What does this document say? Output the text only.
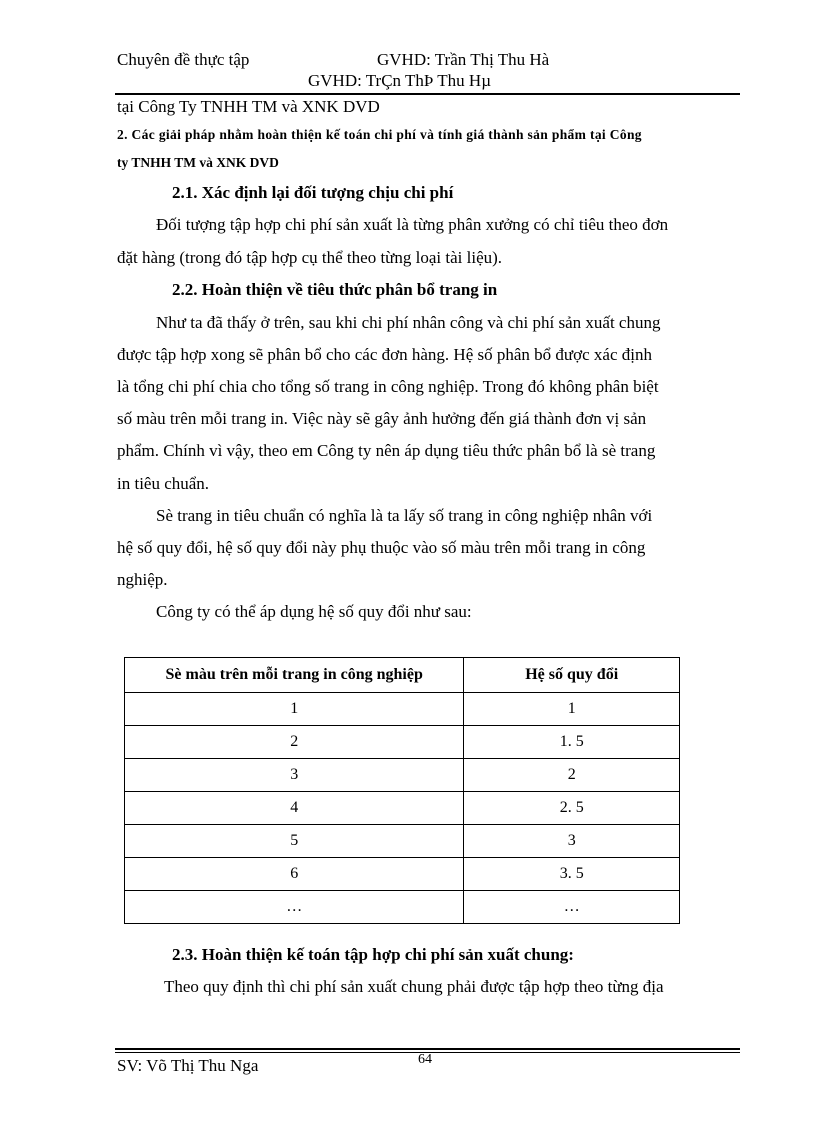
Chuyên đề thực tập	GVHD: Trần Thị Thu Hà
GVHD: TrÇn ThÞ Thu Hµ
tại Công Ty TNHH TM và XNK DVD
2. Các giải pháp nhằm hoàn thiện kế toán chi phí và tính giá thành sản phẩm tại Công
ty TNHH TM và XNK DVD
2.1. Xác định lại đối tượng chịu chi phí
Đối tượng tập hợp chi phí sản xuất là từng phân xưởng có chỉ tiêu theo đơn
đặt hàng (trong đó tập hợp cụ thể theo từng loại tài liệu).
2.2. Hoàn thiện về tiêu thức phân bổ trang in
Như ta đã thấy ở trên, sau khi chi phí nhân công và chi phí sản xuất chung
được tập hợp xong sẽ phân bổ cho các đơn hàng. Hệ số phân bổ được xác định
là tổng chi phí chia cho tổng số trang in công nghiệp. Trong đó không phân biệt
số màu trên mỗi trang in. Việc này sẽ gây ảnh hưởng đến giá thành đơn vị sản
phẩm. Chính vì vậy, theo em Công ty nên áp dụng tiêu thức phân bổ là sè trang
in tiêu chuẩn.
Sè trang in tiêu chuẩn có nghĩa là ta lấy số trang in công nghiệp nhân với
hệ số quy đổi, hệ số quy đổi này phụ thuộc vào số màu trên mỗi trang in công
nghiệp.
Công ty có thể áp dụng hệ số quy đổi như sau:
Sè màu trên mỗi trang in công nghiệp	Hệ số quy đổi
1	1
2	1. 5
3	2
4	2. 5
5	3
6	3. 5
…	…
2.3. Hoàn thiện kế toán tập hợp chi phí sản xuất chung:
Theo quy định thì chi phí sản xuất chung phải được tập hợp theo từng địa
SV: Võ Thị Thu Nga	64
